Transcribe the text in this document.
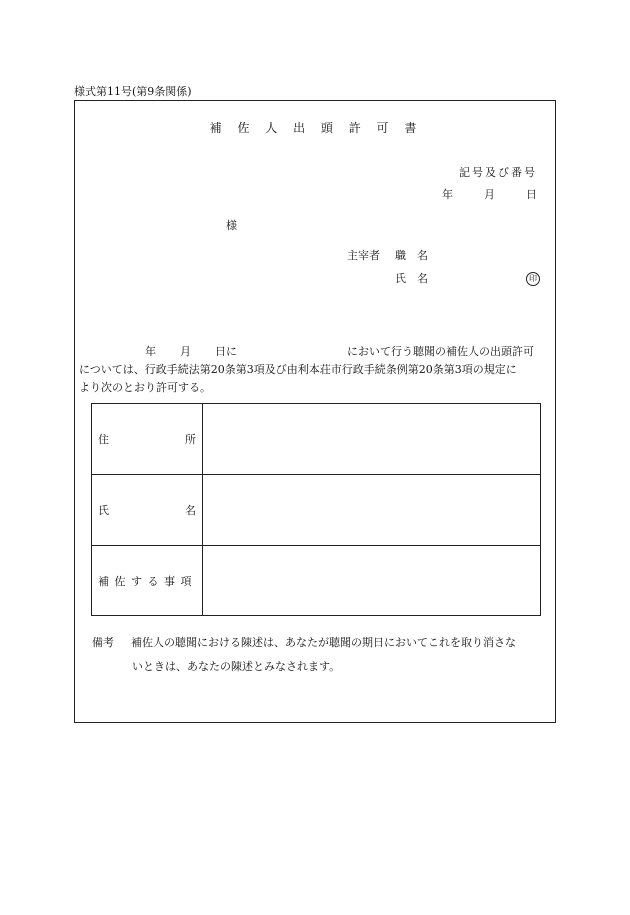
様式第11号(第9条関係)
補 佐 人 出 頭 許 可 書
記号及び番号
年	月	日
様
主宰者 職　名
氏　名	印
年 月 日に	において行う聴聞の補佐人の出頭許可
については、行政手続法第20条第3項及び由利本荘市行政手続条例第20条第3項の規定に
より次のとおり許可する。
住	所
氏	名
補 佐 す る 事 項
備考 補佐人の聴聞における陳述は、あなたが聴聞の期日においてこれを取り消さな
いときは、あなたの陳述とみなされます。
